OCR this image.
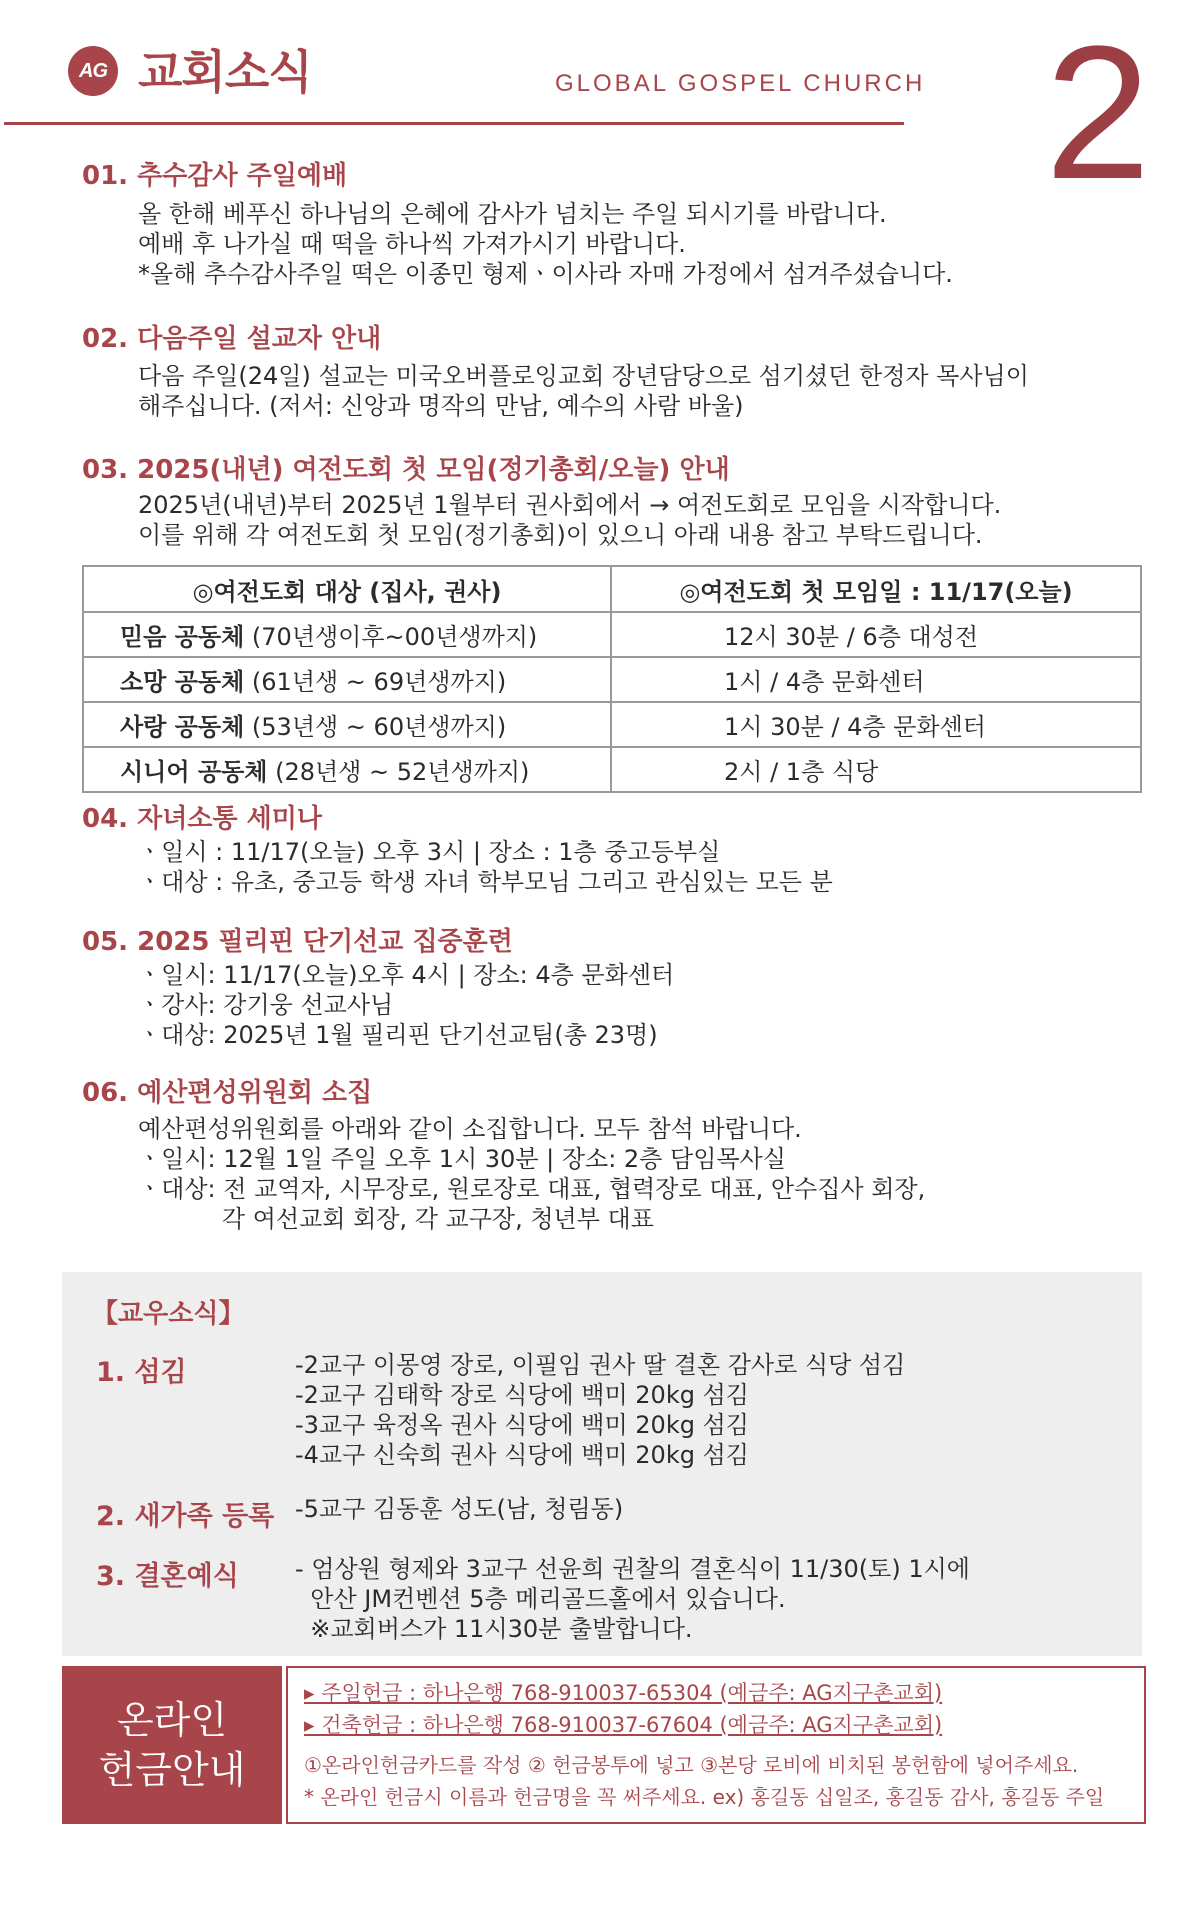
AG 교회소식	GLOBAL GOSPEL CHURCH 2
01. 추수감사 주일예배
올 한해 베푸신 하나님의 은혜에 감사가 넘치는 주일 되시기를 바랍니다.
예배 후 나가실 때 떡을 하나씩 가져가시기 바랍니다.
*올해 추수감사주일 떡은 이종민 형제ㆍ이사라 자매 가정에서 섬겨주셨습니다.
02. 다음주일 설교자 안내
다음 주일(24일) 설교는 미국오버플로잉교회 장년담당으로 섬기셨던 한정자 목사님이
해주십니다. (저서: 신앙과 명작의 만남, 예수의 사람 바울)
03. 2025(내년) 여전도회 첫 모임(정기총회/오늘) 안내
2025년(내년)부터 2025년 1월부터 권사회에서 → 여전도회로 모임을 시작합니다.
이를 위해 각 여전도회 첫 모임(정기총회)이 있으니 아래 내용 참고 부탁드립니다.
◎여전도회 대상 (집사, 권사)	◎여전도회 첫 모임일 : 11/17(오늘)
믿음 공동체 (70년생이후~00년생까지)	12시 30분 / 6층 대성전
소망 공동체 (61년생 ~ 69년생까지)	1시 / 4층 문화센터
사랑 공동체 (53년생 ~ 60년생까지)	1시 30분 / 4층 문화센터
시니어 공동체 (28년생 ~ 52년생까지)	2시 / 1층 식당
04. 자녀소통 세미나
ㆍ일시 : 11/17(오늘) 오후 3시 | 장소 : 1층 중고등부실
ㆍ대상 : 유초, 중고등 학생 자녀 학부모님 그리고 관심있는 모든 분
05. 2025 필리핀 단기선교 집중훈련
ㆍ일시: 11/17(오늘)오후 4시 | 장소: 4층 문화센터
ㆍ강사: 강기웅 선교사님
ㆍ대상: 2025년 1월 필리핀 단기선교팀(총 23명)
06. 예산편성위원회 소집
예산편성위원회를 아래와 같이 소집합니다. 모두 참석 바랍니다.
ㆍ일시: 12월 1일 주일 오후 1시 30분 | 장소: 2층 담임목사실
ㆍ대상: 전 교역자, 시무장로, 원로장로 대표, 협력장로 대표, 안수집사 회장,
각 여선교회 회장, 각 교구장, 청년부 대표
【교우소식】
1. 섬김	-2교구 이몽영 장로, 이필임 권사 딸 결혼 감사로 식당 섬김
-2교구 김태학 장로 식당에 백미 20kg 섬김
-3교구 육정옥 권사 식당에 백미 20kg 섬김
-4교구 신숙희 권사 식당에 백미 20kg 섬김
2. 새가족 등록 -5교구 김동훈 성도(남, 청림동)
3. 결혼예식 - 엄상원 형제와 3교구 선윤희 권찰의 결혼식이 11/30(토) 1시에
안산 JM컨벤션 5층 메리골드홀에서 있습니다.
※교회버스가 11시30분 출발합니다.
온라인
헌금안내
▸ 주일헌금 : 하나은행 768-910037-65304 (예금주: AG지구촌교회)
▸ 건축헌금 : 하나은행 768-910037-67604 (예금주: AG지구촌교회)
①온라인헌금카드를 작성 ② 헌금봉투에 넣고 ③본당 로비에 비치된 봉헌함에 넣어주세요.
* 온라인 헌금시 이름과 헌금명을 꼭 써주세요. ex) 홍길동 십일조, 홍길동 감사, 홍길동 주일
